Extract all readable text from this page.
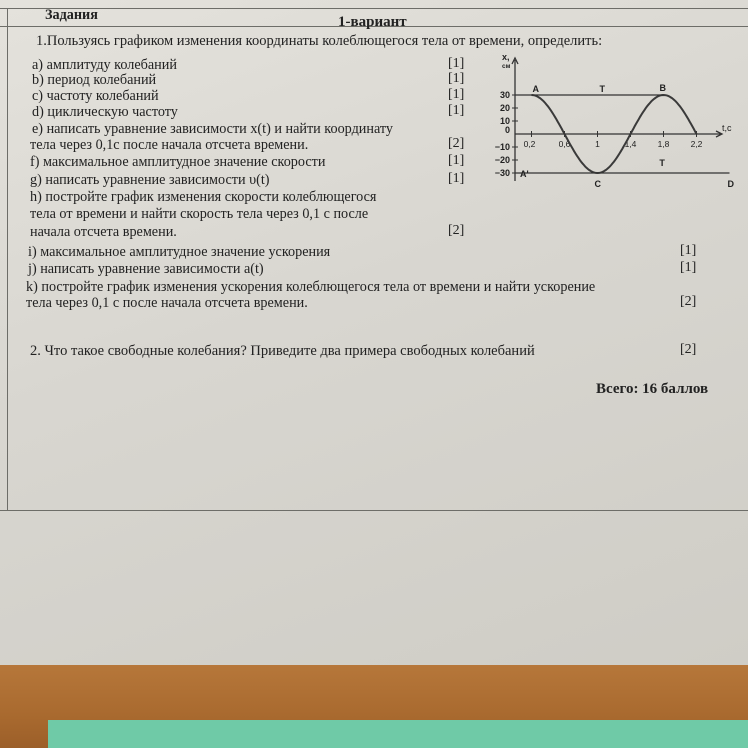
Задания	1-вариант
1.Пользуясь графиком изменения координаты колеблющегося тела от времени, определить:
a) амплитуду колебаний	[1]
b) период колебаний	[1]
c) частоту колебаний	[1]
d) циклическую частоту	[1]
e) написать уравнение зависимости x(t) и найти координату
тела через 0,1с после начала отсчета времени.	[2]
f) максимальное амплитудное значение скорости	[1]
g) написать уравнение зависимости υ(t)	[1]
h) постройте график изменения скорости колеблющегося
тела от времени и найти скорость тела через 0,1 с после
начала отсчета времени.	[2]
i) максимальное амплитудное значение ускорения	[1]
j) написать уравнение зависимости a(t)	[1]
k) постройте график изменения ускорения колеблющегося тела от времени и найти ускорение
тела через 0,1 с после начала отсчета времени.	[2]
2. Что такое свободные колебания? Приведите два примера свободных колебаний	[2]
Всего: 16 баллов
x,
см
t,c
30
20
10
0
−10
−20
−30
0,2	0,6	1	1,4 1,8 2,2
A	B
A'
C	D
T
T
